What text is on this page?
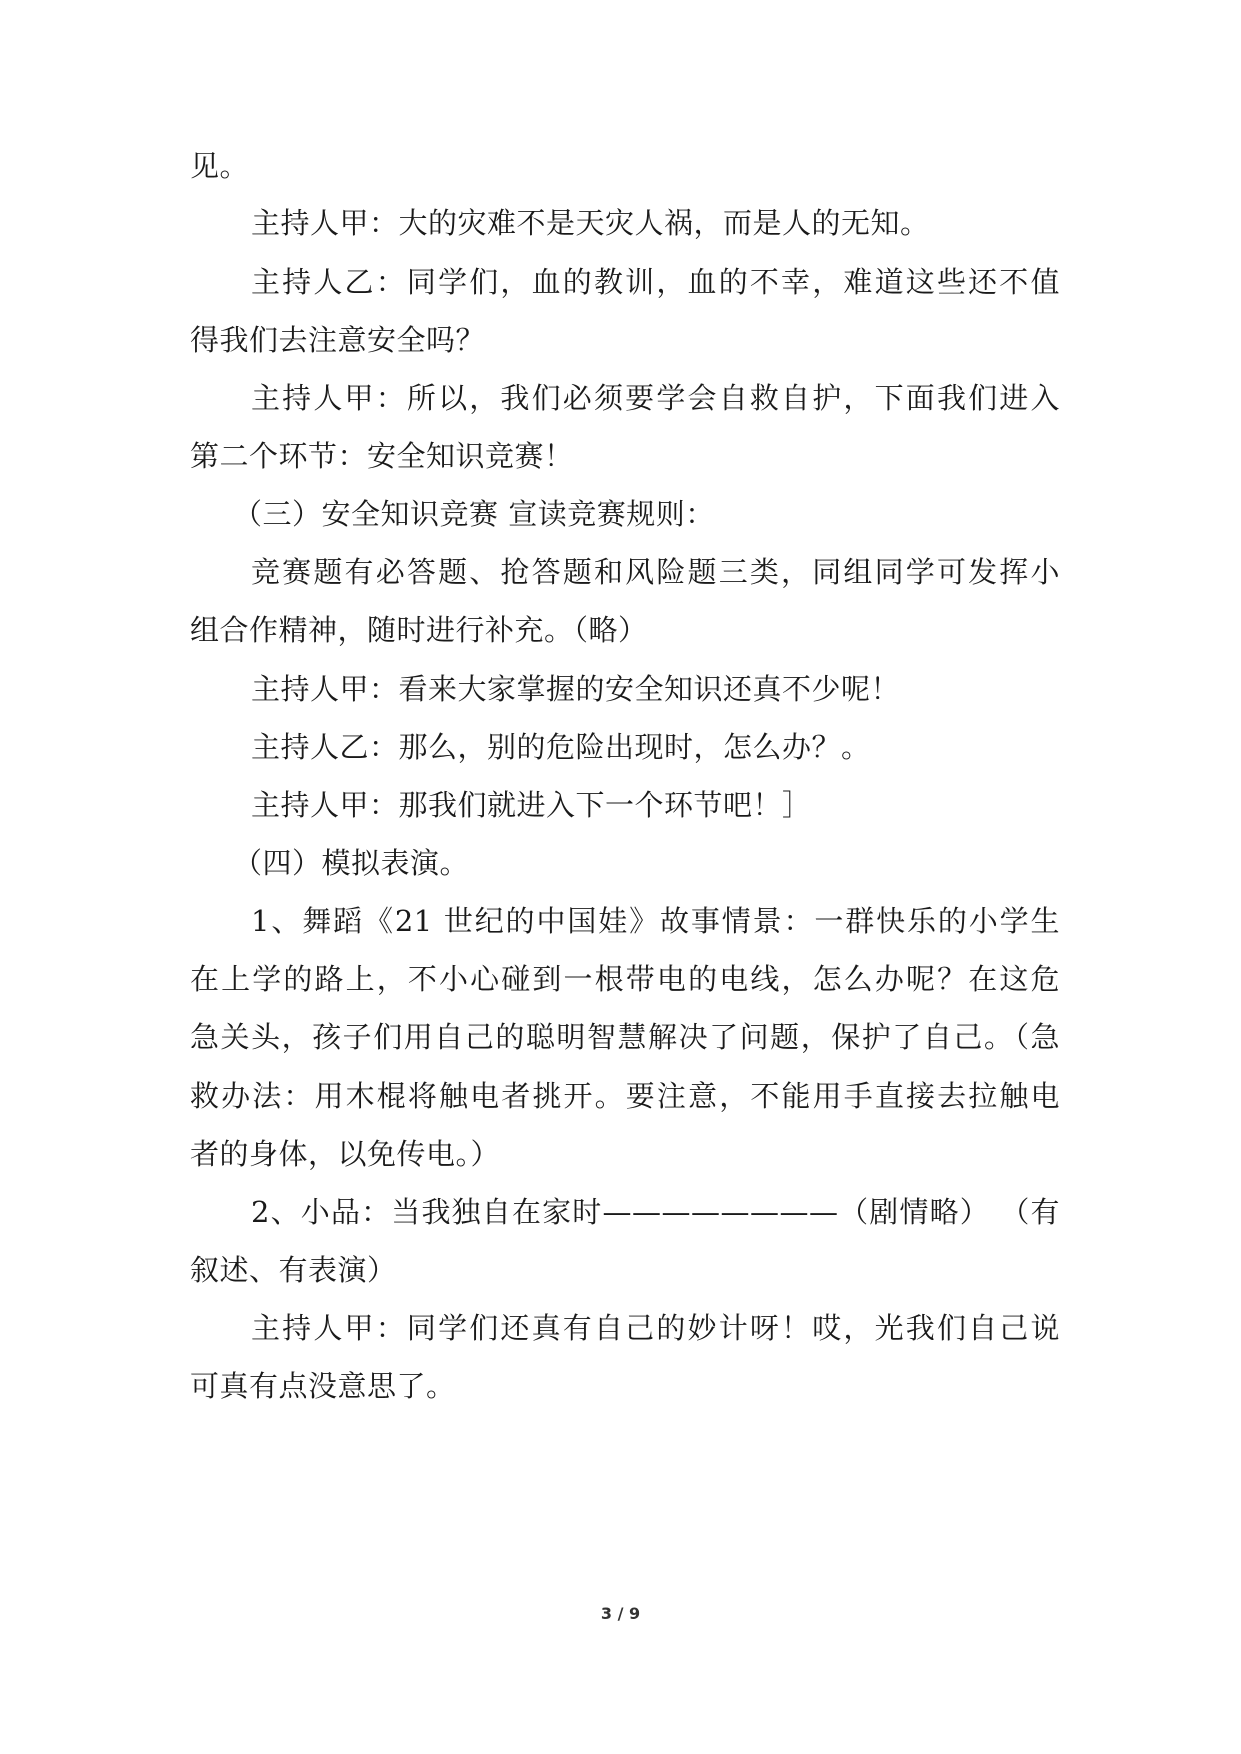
见。
主持人甲：大的灾难不是天灾人祸，而是人的无知。
主持人乙：同学们，血的教训，血的不幸，难道这些还不值
得我们去注意安全吗？
主持人甲：所以，我们必须要学会自救自护，下面我们进入
第二个环节：安全知识竞赛！
（三）安全知识竞赛 宣读竞赛规则：
竞赛题有必答题、抢答题和风险题三类，同组同学可发挥小
组合作精神，随时进行补充。（略）
主持人甲：看来大家掌握的安全知识还真不少呢！
主持人乙：那么，别的危险出现时，怎么办？。
主持人甲：那我们就进入下一个环节吧！］
（四）模拟表演。
1、舞蹈《21 世纪的中国娃》故事情景：一群快乐的小学生
在上学的路上，不小心碰到一根带电的电线，怎么办呢？在这危
急关头，孩子们用自己的聪明智慧解决了问题，保护了自己。（急
救办法：用木棍将触电者挑开。要注意，不能用手直接去拉触电
者的身体，以免传电。）
2、小品：当我独自在家时————————（剧情略） （有
叙述、有表演）
主持人甲：同学们还真有自己的妙计呀！哎，光我们自己说
可真有点没意思了。
3 / 9
